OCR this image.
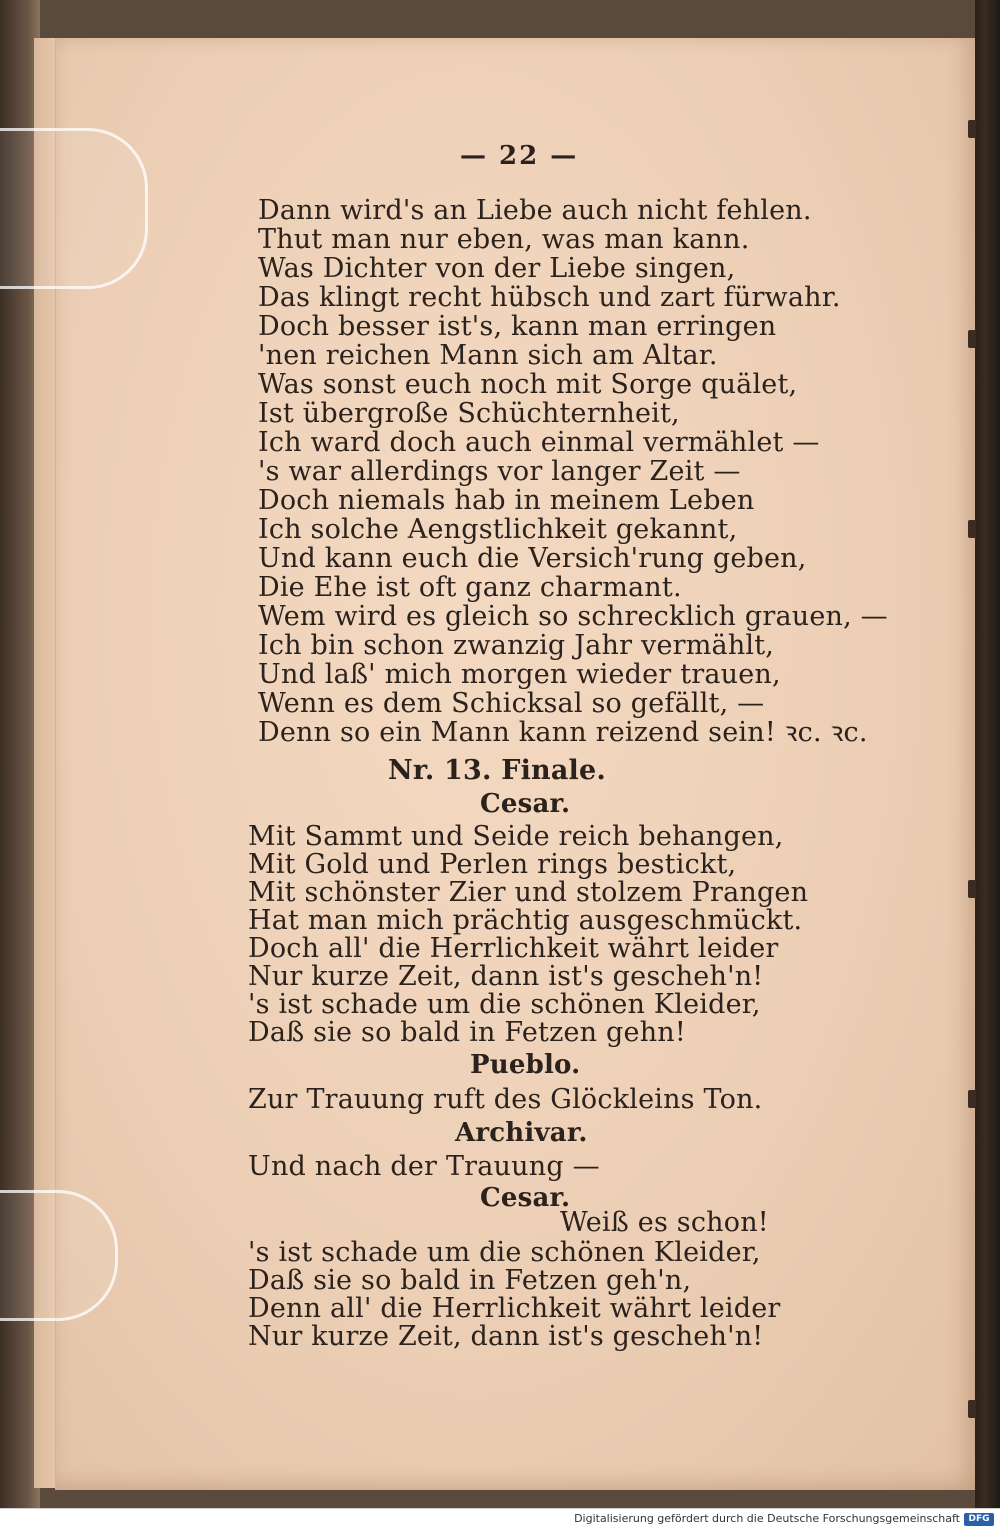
— 22 —
Dann wird's an Liebe auch nicht fehlen.
Thut man nur eben, was man kann.
Was Dichter von der Liebe singen,
Das klingt recht hübsch und zart fürwahr.
Doch besser ist's, kann man erringen
'nen reichen Mann sich am Altar.
Was sonst euch noch mit Sorge quälet,
Ist übergroße Schüchternheit,
Ich ward doch auch einmal vermählet —
's war allerdings vor langer Zeit —
Doch niemals hab in meinem Leben
Ich solche Aengstlichkeit gekannt,
Und kann euch die Versich'rung geben,
Die Ehe ist oft ganz charmant.
Wem wird es gleich so schrecklich grauen, —
Ich bin schon zwanzig Jahr vermählt,
Und laß' mich morgen wieder trauen,
Wenn es dem Schicksal so gefällt, —
Denn so ein Mann kann reizend sein! ꝛc. ꝛc.
Nr. 13. Finale.
Cesar.
Mit Sammt und Seide reich behangen,
Mit Gold und Perlen rings bestickt,
Mit schönster Zier und stolzem Prangen
Hat man mich prächtig ausgeschmückt.
Doch all' die Herrlichkeit währt leider
Nur kurze Zeit, dann ist's gescheh'n!
's ist schade um die schönen Kleider,
Daß sie so bald in Fetzen gehn!
Pueblo.
Zur Trauung ruft des Glöckleins Ton.
Archivar.
Und nach der Trauung —
Cesar.
Weiß es schon!
's ist schade um die schönen Kleider,
Daß sie so bald in Fetzen geh'n,
Denn all' die Herrlichkeit währt leider
Nur kurze Zeit, dann ist's gescheh'n!
Digitalisierung gefördert durch die Deutsche Forschungsgemeinschaft DFG
